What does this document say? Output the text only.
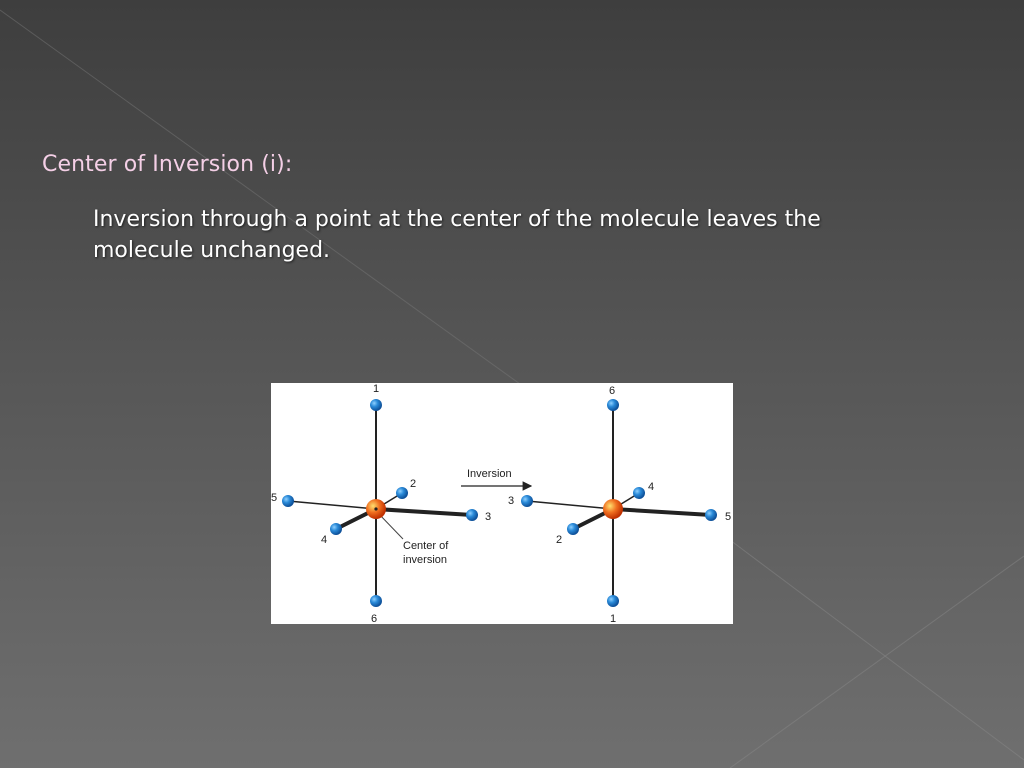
Center of Inversion (i):
Inversion through a point at the center of the molecule leaves the molecule unchanged.
1
6
5
3
2
4	Center of
inversion
Inversion
6
1
3
5
4
2
